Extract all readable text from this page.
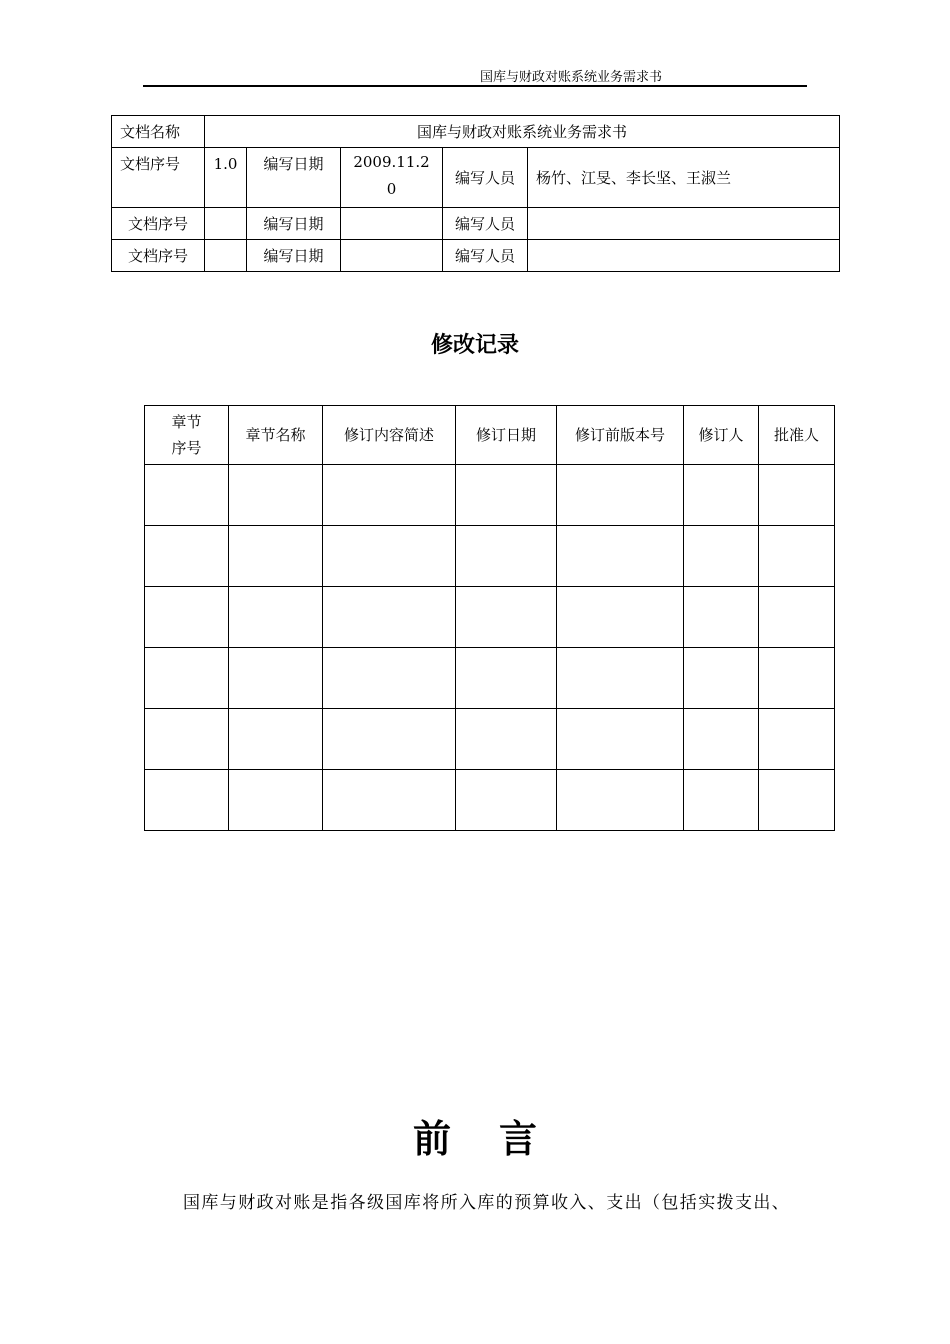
国库与财政对账系统业务需求书
文档名称	国库与财政对账系统业务需求书				
文档序号	1.0	编写日期	2009.11.20	编写人员	杨竹、江旻、李长坚、王淑兰
文档序号		编写日期		编写人员	
文档序号		编写日期		编写人员	
修改记录
章节序号	章节名称	修订内容简述	修订日期	修订前版本号	修订人	批准人

前言
国库与财政对账是指各级国库将所入库的预算收入、支出（包括实拨支出、
